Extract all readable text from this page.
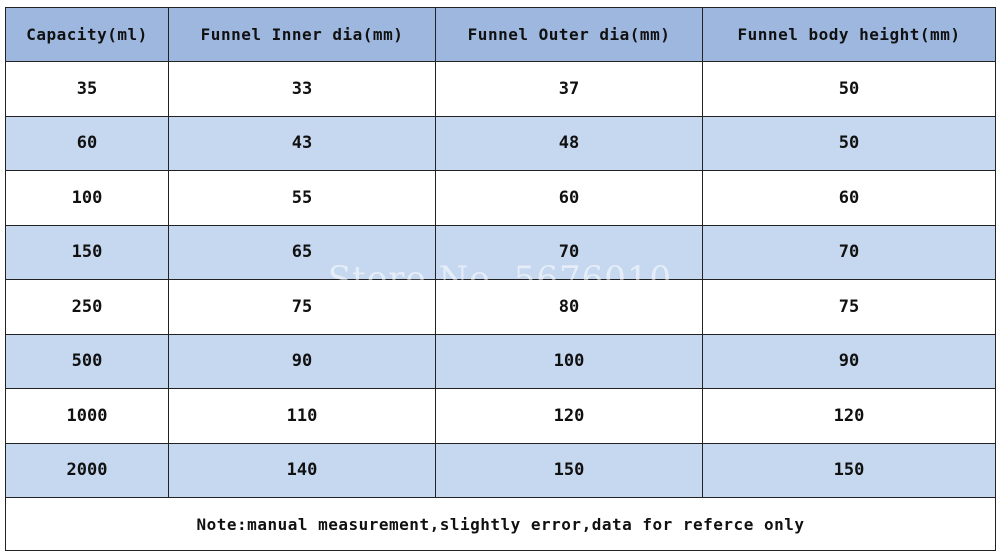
Capacity(ml)	Funnel Inner dia(mm)	Funnel Outer dia(mm)	Funnel body height(mm)
35	33	37	50
60	43	48	50
100	55	60	60
150	65	70	70
250	75	80	75
500	90	100	90
1000	110	120	120
2000	140	150	150
Note:manual measurement,slightly error,data for referce only			
Store No. 5676010
